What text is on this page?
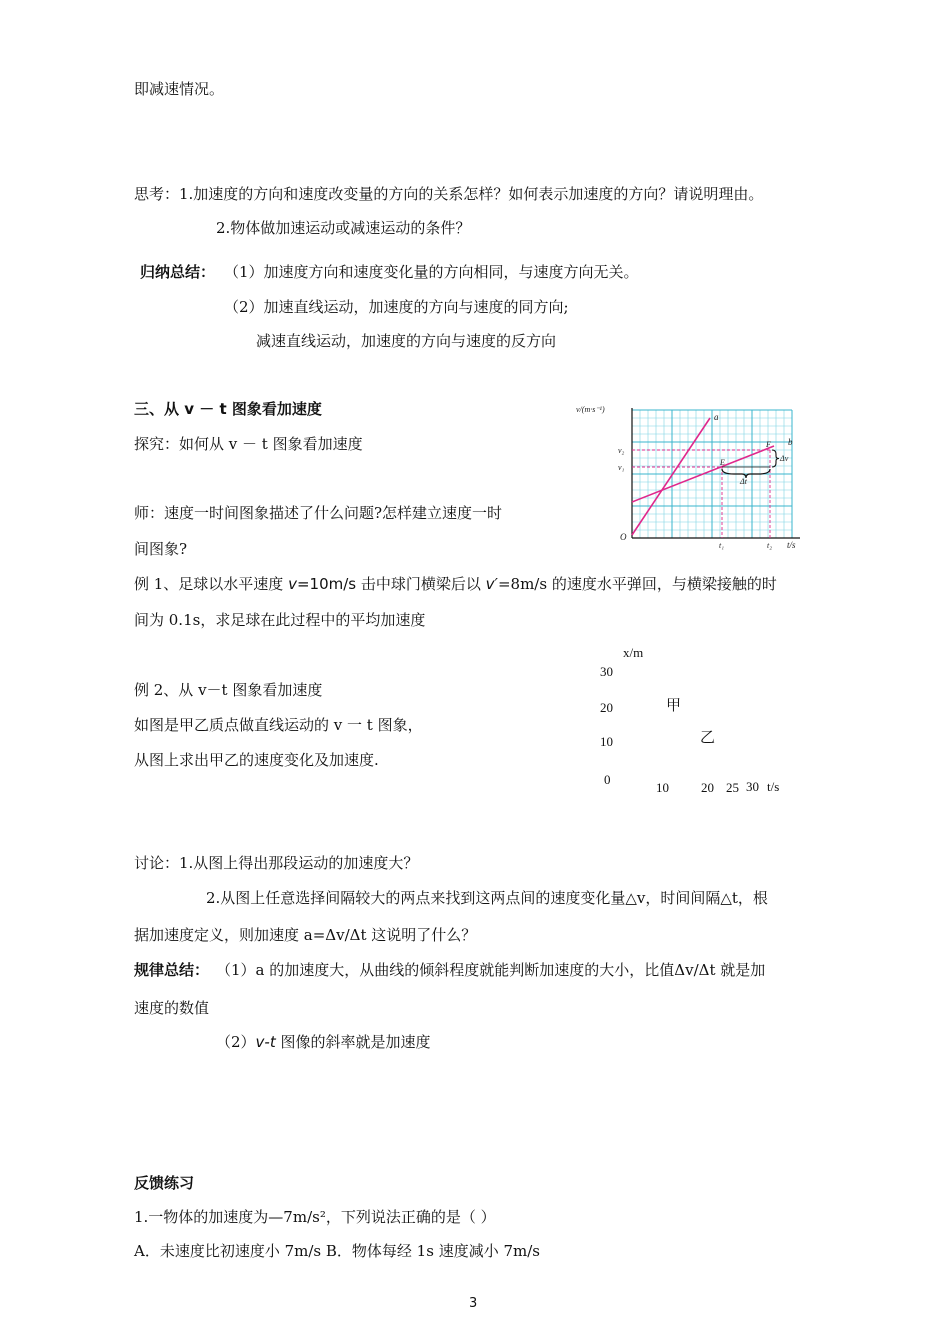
即减速情况。
思考：1.加速度的方向和速度改变量的方向的关系怎样？如何表示加速度的方向？请说明理由。
2.物体做加速运动或减速运动的条件？
归纳总结： （1）加速度方向和速度变化量的方向相同，与速度方向无关。
（2）加速直线运动，加速度的方向与速度的同方向;
减速直线运动，加速度的方向与速度的反方向
三、从 v － t 图象看加速度
探究：如何从 v － t 图象看加速度
师：速度一时间图象描述了什么问题?怎样建立速度一时
间图象?
例 1、足球以水平速度 v=10m/s 击中球门横梁后以 v′=8m/s 的速度水平弹回，与横梁接触的时
间为 0.1s，求足球在此过程中的平均加速度
例 2、从 v－t 图象看加速度
如图是甲乙质点做直线运动的 v 一 t 图象，
从图上求出甲乙的速度变化及加速度.
讨论：1.从图上得出那段运动的加速度大？
2.从图上任意选择间隔较大的两点来找到这两点间的速度变化量△v，时间间隔△t，根
据加速度定义，则加速度 a=Δv/Δt 这说明了什么？
规律总结： （1）a 的加速度大，从曲线的倾斜程度就能判断加速度的大小，比值Δv/Δt 就是加
速度的数值
（2）v-t 图像的斜率就是加速度
反馈练习
1.一物体的加速度为—7m/s²，下列说法正确的是（ ）
A．未速度比初速度小 7m/s B．物体每经 1s 速度减小 7m/s
3
v/(m·s⁻¹)
t/s
O
v₂
v₁
t₁	t₂
a
b
E
F
Δv
Δt
x/m
30
20
10
0
10 20 25 30 t/s
甲
乙
